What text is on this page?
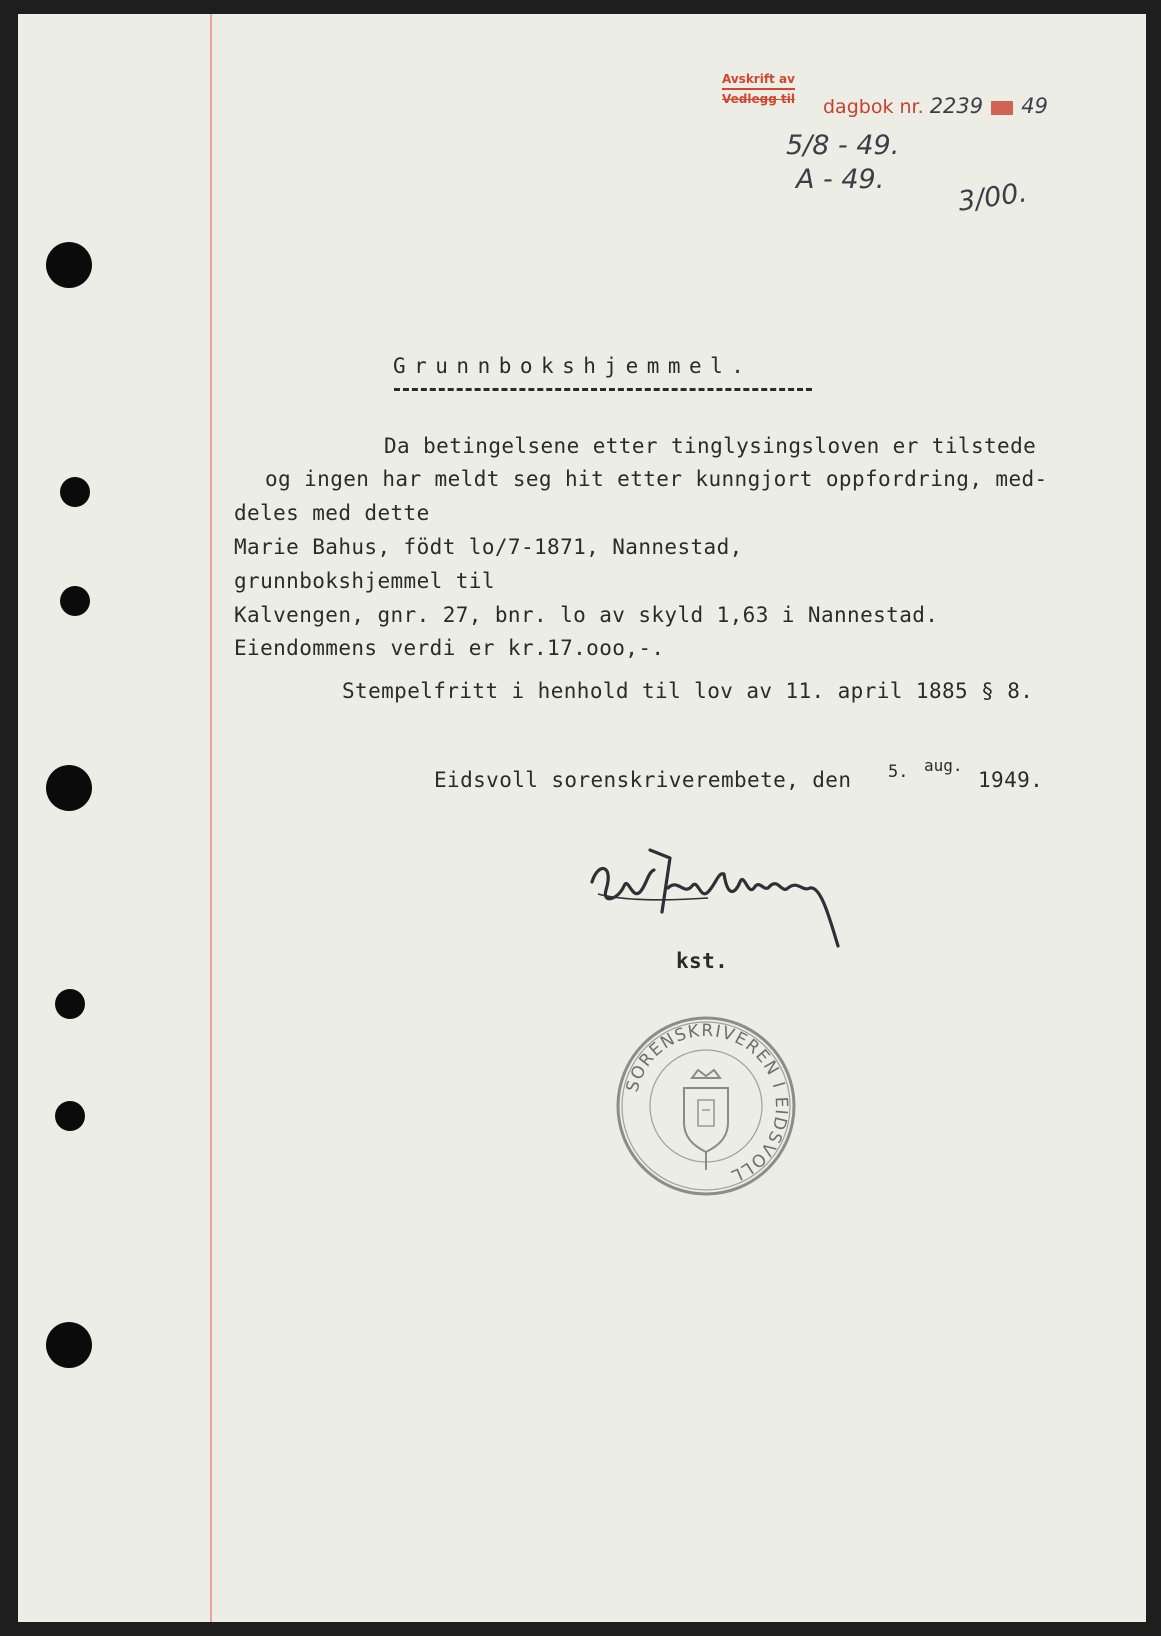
Avskrift av
Vedlegg til dagbok nr. 2239 49
5/8 - 49.
A - 49.	3/00.
Grunnbokshjemmel.
Da betingelsene etter tinglysingsloven er tilstede
og ingen har meldt seg hit etter kunngjort oppfordring, med-
deles med dette
Marie Bahus, födt lo/7-1871, Nannestad,
grunnbokshjemmel til
Kalvengen, gnr. 27, bnr. lo av skyld 1,63 i Nannestad.
Eiendommens verdi er kr.17.ooo,-.
Stempelfritt i henhold til lov av 11. april 1885 § 8.
Eidsvoll sorenskriverembete, den 5. aug.
1949.
kst.
SORENSKRIVEREN I EIDSVOLL
